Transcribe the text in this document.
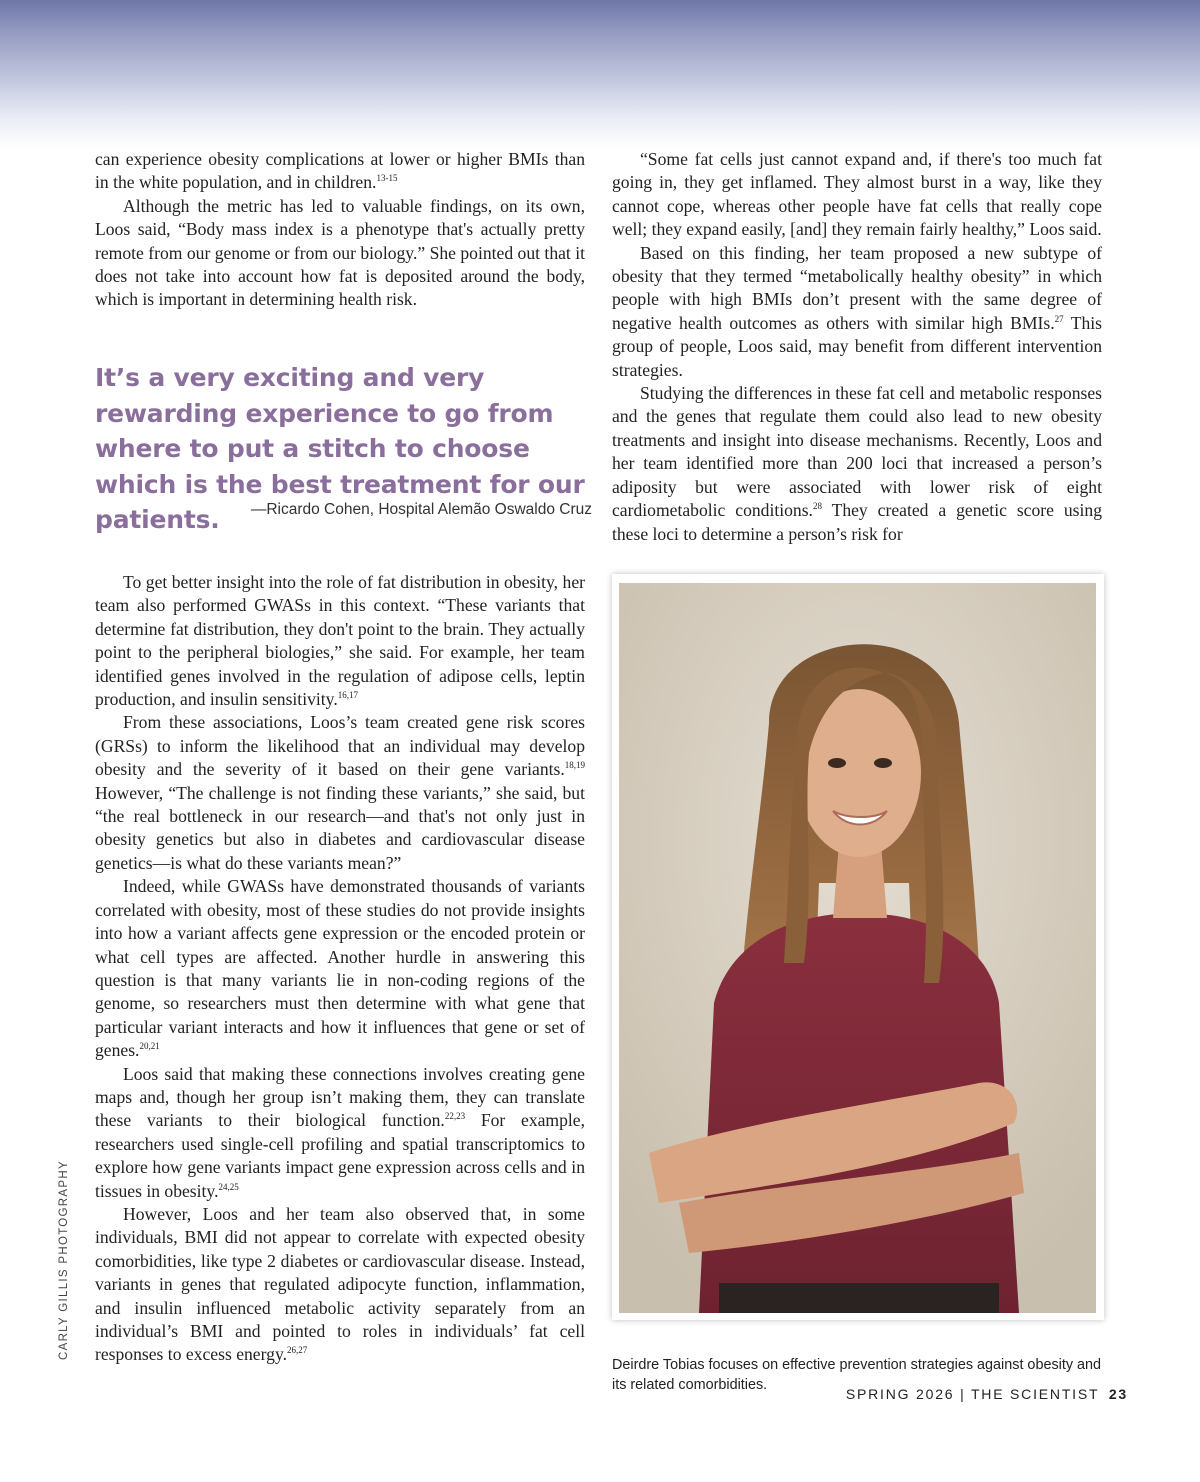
can experience obesity complications at lower or higher BMIs than in the white population, and in children.$^{13-15}$
Although the metric has led to valuable findings, on its own, Loos said, “Body mass index is a phenotype that's actually pretty remote from our genome or from our biology.” She pointed out that it does not take into account how fat is deposited around the body, which is important in determining health risk.

It’s a very exciting and very rewarding experience to go from where to put a stitch to choose which is the best treatment for our patients.	—Ricardo Cohen, Hospital Alemão Oswaldo Cruz
To get better insight into the role of fat distribution in obesity, her team also performed GWASs in this context. “These variants that determine fat distribution, they don't point to the brain. They actually point to the peripheral biologies,” she said. For example, her team identified genes involved in the regulation of adipose cells, leptin production, and insulin sensitivity.$^{16,17}$
From these associations, Loos’s team created gene risk scores (GRSs) to inform the likelihood that an individual may develop obesity and the severity of it based on their gene variants.$^{18,19}$ However, “The challenge is not finding these variants,” she said, but “the real bottleneck in our research—and that's not only just in obesity genetics but also in diabetes and cardiovascular disease genetics—is what do these variants mean?”
Indeed, while GWASs have demonstrated thousands of variants correlated with obesity, most of these studies do not provide insights into how a variant affects gene expression or the encoded protein or what cell types are affected. Another hurdle in answering this question is that many variants lie in non-coding regions of the genome, so researchers must then determine with what gene that particular variant interacts and how it influences that gene or set of genes.$^{20,21}$
Loos said that making these connections involves creating gene maps and, though her group isn’t making them, they can translate these variants to their biological function.$^{22,23}$ For example, researchers used single-cell profiling and spatial transcriptomics to explore how gene variants impact gene expression across cells and in tissues in obesity.$^{24,25}$
However, Loos and her team also observed that, in some individuals, BMI did not appear to correlate with expected obesity comorbidities, like type 2 diabetes or cardiovascular disease. Instead, variants in genes that regulated adipocyte function, inflammation, and insulin influenced metabolic activity separately from an individual’s BMI and pointed to roles in individuals’ fat cell responses to excess energy.$^{26,27}$
“Some fat cells just cannot expand and, if there's too much fat going in, they get inflamed. They almost burst in a way, like they cannot cope, whereas other people have fat cells that really cope well; they expand easily, [and] they remain fairly healthy,” Loos said.
Based on this finding, her team proposed a new subtype of obesity that they termed “metabolically healthy obesity” in which people with high BMIs don’t present with the same degree of negative health outcomes as others with similar high BMIs.$^{27}$ This group of people, Loos said, may benefit from different intervention strategies.
Studying the differences in these fat cell and metabolic responses and the genes that regulate them could also lead to new obesity treatments and insight into disease mechanisms. Recently, Loos and her team identified more than 200 loci that increased a person’s adiposity but were associated with lower risk of eight cardiometabolic conditions.$^{28}$ They created a genetic score using these loci to determine a person’s risk for
Deirdre Tobias focuses on effective prevention strategies against obesity and its related comorbidities.
CARLY GILLIS PHOTOGRAPHY
SPRING 2026 | THE SCIENTIST 23
